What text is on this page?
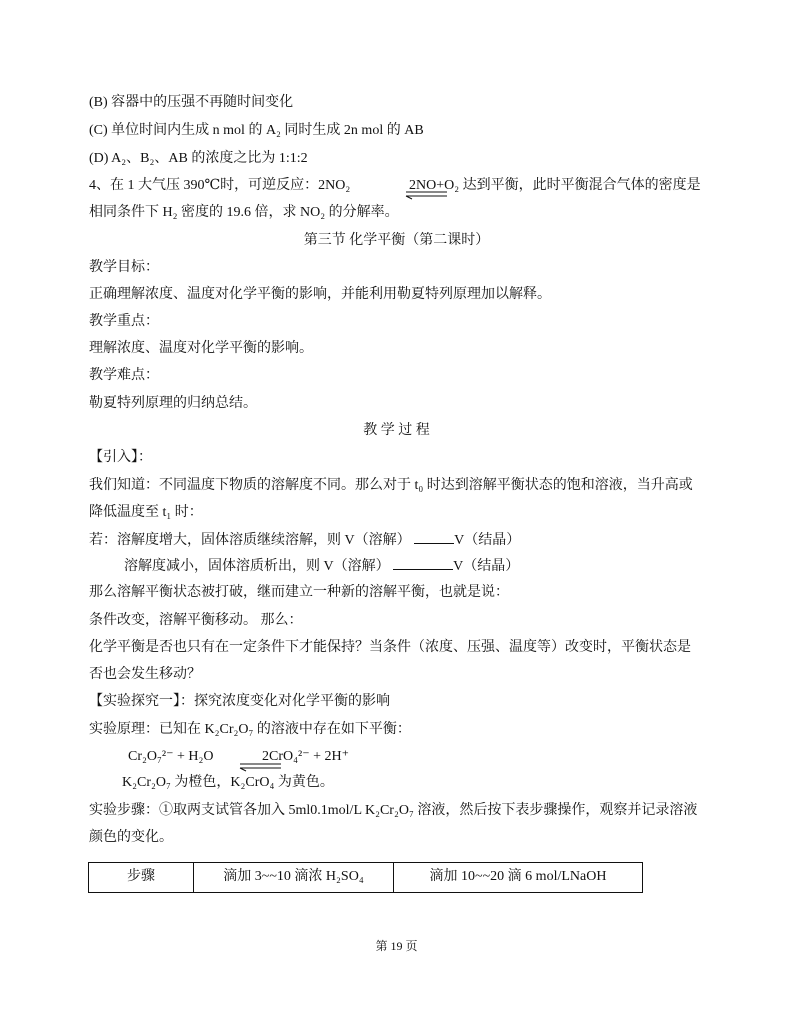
(B) 容器中的压强不再随时间变化
(C) 单位时间内生成 n mol 的 A₂ 同时生成 2n mol 的 AB
(D) A₂、B₂、AB 的浓度之比为 1:1:2
4、在 1 大气压 390℃时，可逆反应：2NO₂	2NO+O₂ 达到平衡，此时平衡混合气体的密度是
相同条件下 H₂ 密度的 19.6 倍，求 NO₂ 的分解率。
第三节 化学平衡（第二课时）
教学目标：
正确理解浓度、温度对化学平衡的影响，并能利用勒夏特列原理加以解释。
教学重点：
理解浓度、温度对化学平衡的影响。
教学难点：
勒夏特列原理的归纳总结。
教 学 过 程
【引入】：
我们知道：不同温度下物质的溶解度不同。那么对于 t₀ 时达到溶解平衡状态的饱和溶液，当升高或
降低温度至 t₁ 时：
若：溶解度增大，固体溶质继续溶解，则 V（溶解）	V（结晶）
溶解度减小，固体溶质析出，则 V（溶解）	V（结晶）
那么溶解平衡状态被打破，继而建立一种新的溶解平衡，也就是说：
条件改变，溶解平衡移动。 那么：
化学平衡是否也只有在一定条件下才能保持？当条件（浓度、压强、温度等）改变时，平衡状态是
否也会发生移动？
【实验探究一】：探究浓度变化对化学平衡的影响
实验原理：已知在 K₂Cr₂O₇ 的溶液中存在如下平衡：
Cr₂O₇²⁻ + H₂O	2CrO₄²⁻ + 2H⁺
K₂Cr₂O₇ 为橙色，K₂CrO₄ 为黄色。
实验步骤：①取两支试管各加入 5ml0.1mol/L K₂Cr₂O₇ 溶液，然后按下表步骤操作，观察并记录溶液
颜色的变化。
步骤	滴加 3~~10 滴浓 H₂SO₄	滴加 10~~20 滴 6 mol/LNaOH
第 19 页
